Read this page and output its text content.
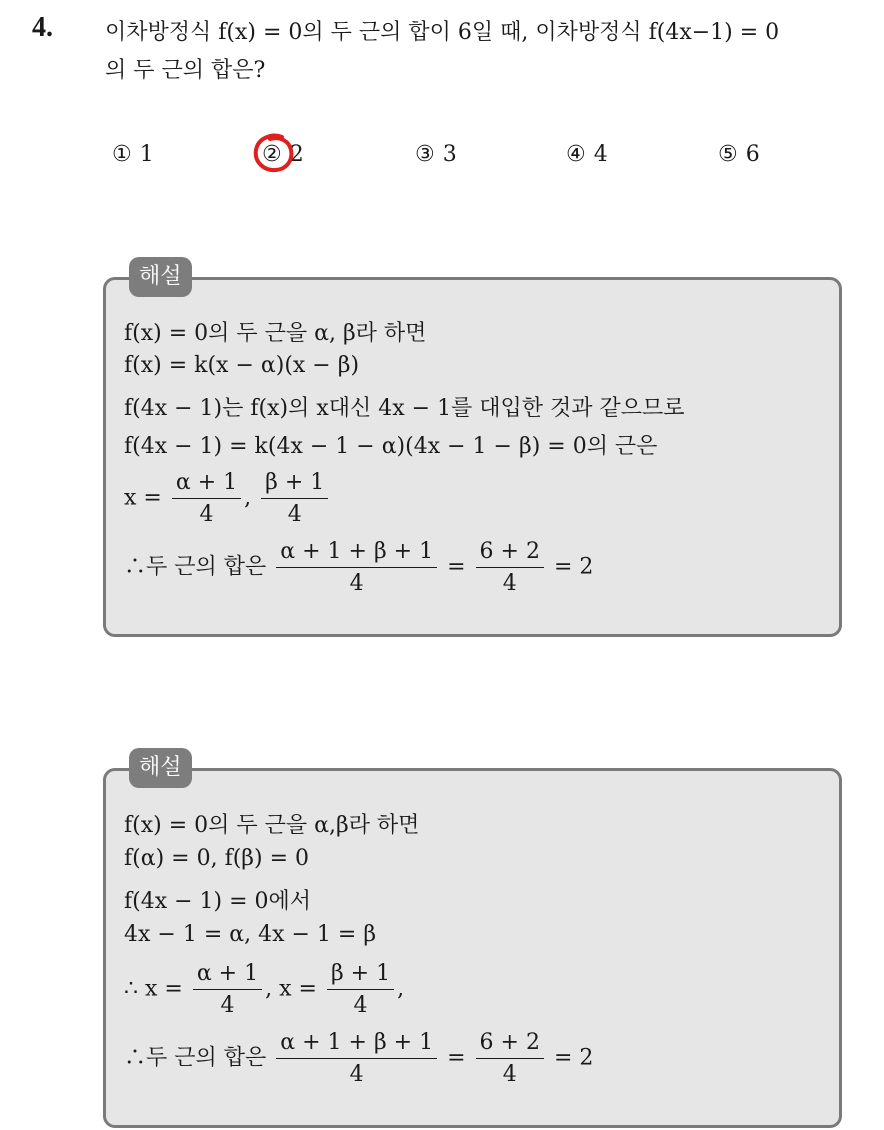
4. 이차방정식 f(x) = 0의 두 근의 합이 6일 때, 이차방정식 f(4x−1) = 0
의 두 근의 합은?
① 1	② 2	③ 3	④ 4	⑤ 6
해설
f(x) = 0의 두 근을 α, β라 하면
f(x) = k(x − α)(x − β)
f(4x − 1)는 f(x)의 x대신 4x − 1를 대입한 것과 같으므로
f(4x − 1) = k(4x − 1 − α)(4x − 1 − β) = 0의 근은
$x = \frac{\alpha + 1}{4}$ , $\frac{\beta + 1}{4}$
∴두 근의 합은 $\frac{\alpha + 1 + \beta + 1}{4} = \frac{6 + 2}{4} = 2$
해설
f(x) = 0의 두 근을 α,β라 하면
f(α) = 0, f(β) = 0
f(4x − 1) = 0에서
4x − 1 = α, 4x − 1 = β
∴ $x = \frac{\alpha + 1}{4}$ , $x = \frac{\beta + 1}{4}$ ,
∴두 근의 합은 $\frac{\alpha + 1 + \beta + 1}{4} = \frac{6 + 2}{4} = 2$
